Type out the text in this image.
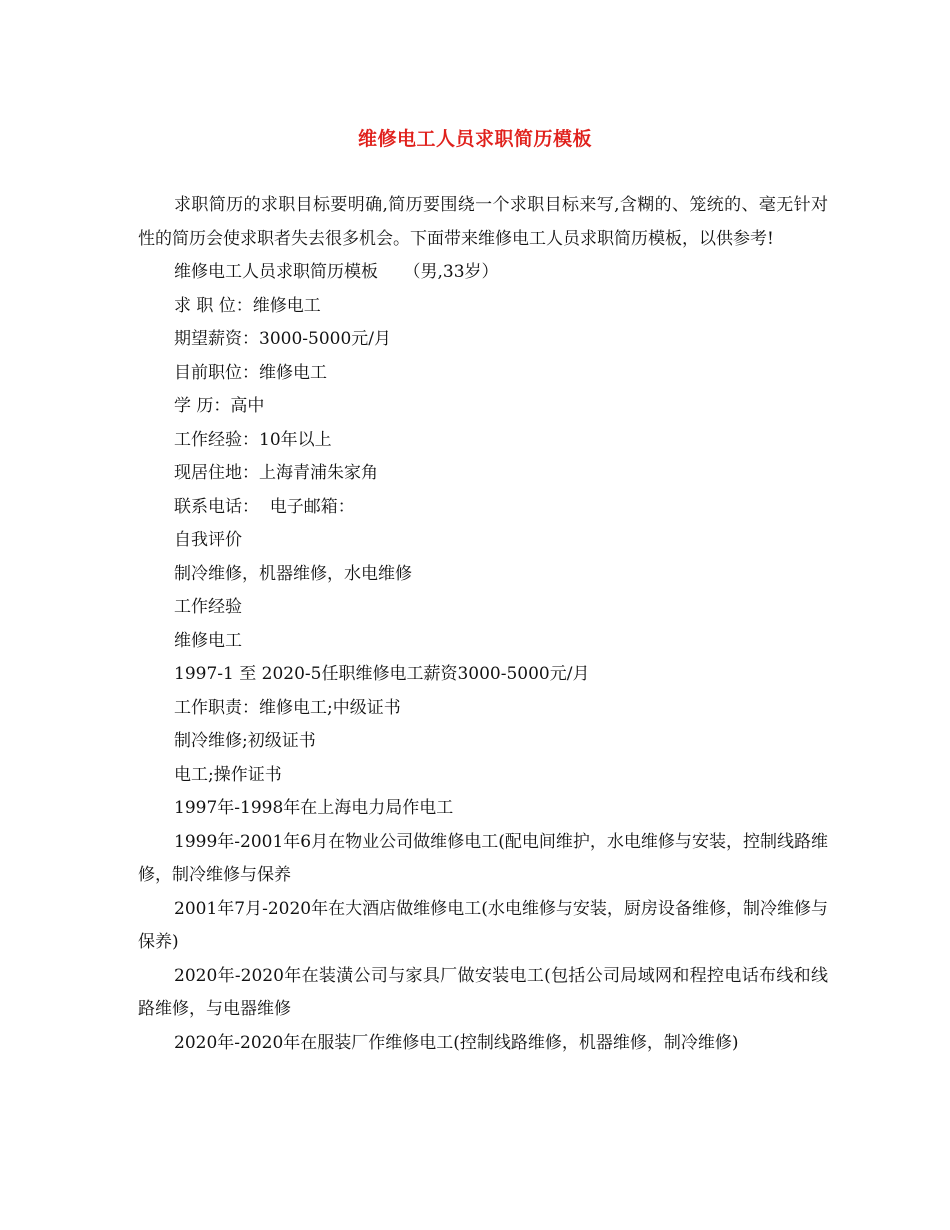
维修电工人员求职简历模板

求职简历的求职目标要明确,简历要围绕一个求职目标来写,含糊的、笼统的、毫无针对性的简历会使求职者失去很多机会。下面带来维修电工人员求职简历模板，以供参考!

维修电工人员求职简历模板　　（男,33岁）

求 职 位：维修电工

期望薪资：3000-5000元/月

目前职位：维修电工

学 历：高中

工作经验：10年以上

现居住地：上海青浦朱家角

联系电话：  电子邮箱：

自我评价

制冷维修，机器维修，水电维修

工作经验

维修电工

1997-1 至 2020-5任职维修电工薪资3000-5000元/月

工作职责：维修电工;中级证书

制冷维修;初级证书

电工;操作证书

1997年-1998年在上海电力局作电工

1999年-2001年6月在物业公司做维修电工(配电间维护，水电维修与安装，控制线路维修，制冷维修与保养

2001年7月-2020年在大酒店做维修电工(水电维修与安装，厨房设备维修，制冷维修与保养)

2020年-2020年在装潢公司与家具厂做安装电工(包括公司局域网和程控电话布线和线路维修，与电器维修

2020年-2020年在服装厂作维修电工(控制线路维修，机器维修，制冷维修)
